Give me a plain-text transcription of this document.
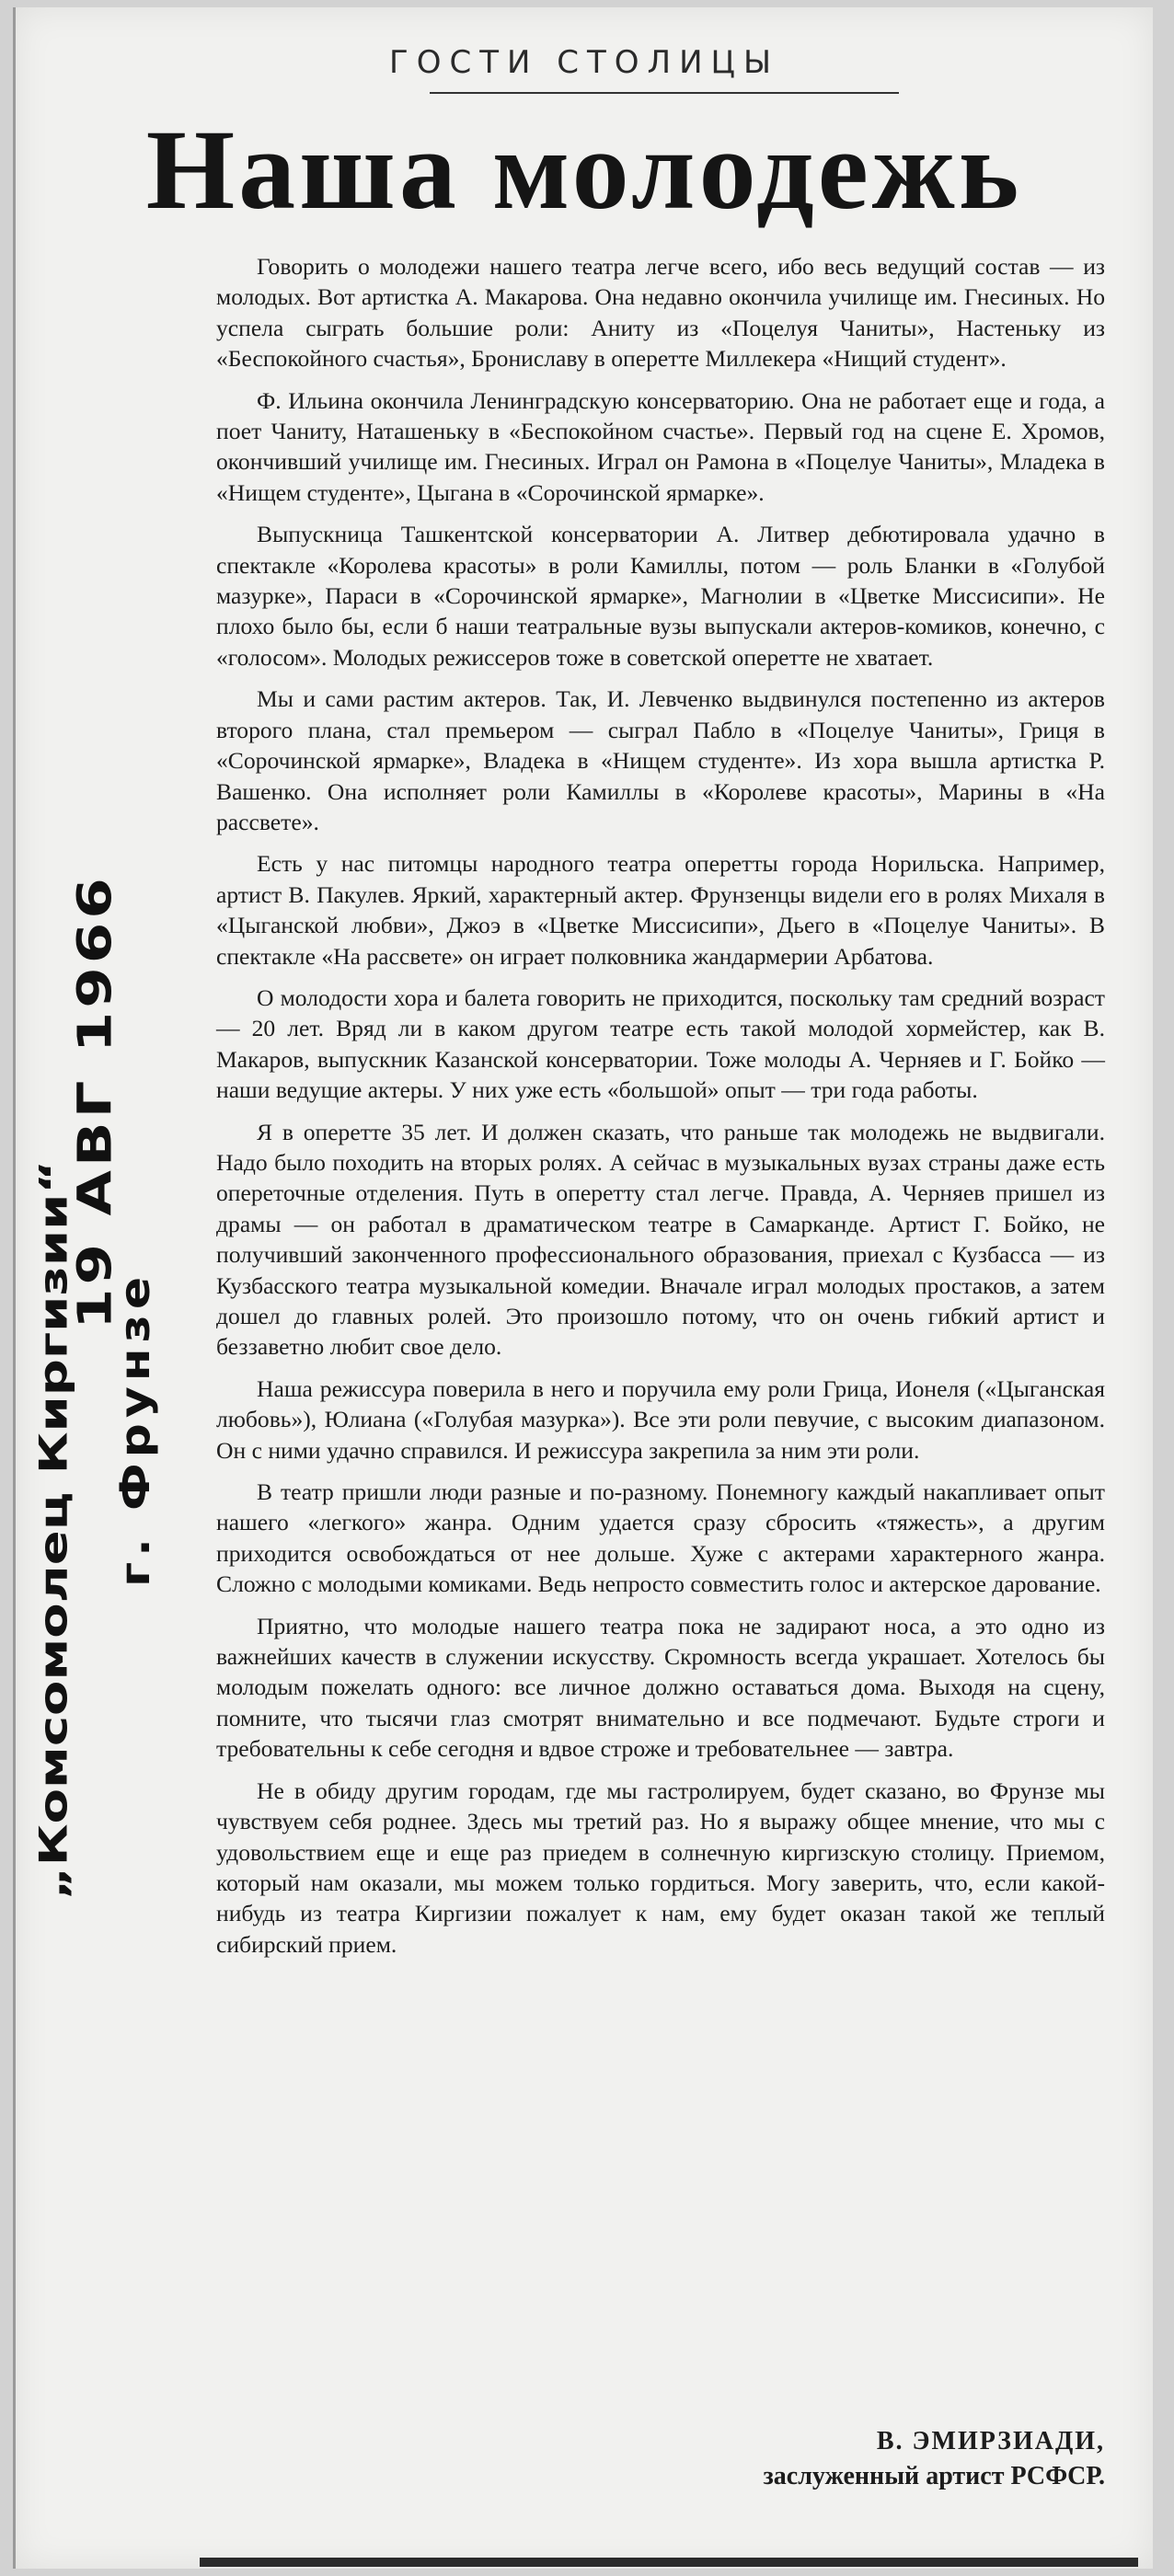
ГОСТИ СТОЛИЦЫ
Наша молодежь

Говорить о молодежи нашего театра легче всего, ибо весь ведущий состав — из молодых. Вот артистка А. Макарова. Она недавно окончила училище им. Гнесиных. Но успела сыграть большие роли: Аниту из «Поцелуя Чаниты», Настеньку из «Беспокойного счастья», Брониславу в оперетте Миллекера «Нищий студент».

Ф. Ильина окончила Ленинградскую консерваторию. Она не работает еще и года, а поет Чаниту, Наташеньку в «Беспокойном счастье». Первый год на сцене Е. Хромов, окончивший училище им. Гнесиных. Играл он Рамона в «Поцелуе Чаниты», Младека в «Нищем студенте», Цыгана в «Сорочинской ярмарке».

Выпускница Ташкентской консерватории А. Литвер дебютировала удачно в спектакле «Королева красоты» в роли Камиллы, потом — роль Бланки в «Голубой мазурке», Параси в «Сорочинской ярмарке», Магнолии в «Цветке Миссисипи». Не плохо было бы, если б наши театральные вузы выпускали актеров-комиков, конечно, с «голосом». Молодых режиссеров тоже в советской оперетте не хватает.

Мы и сами растим актеров. Так, И. Левченко выдвинулся постепенно из актеров второго плана, стал премьером — сыграл Пабло в «Поцелуе Чаниты», Гриця в «Сорочинской ярмарке», Владека в «Нищем студенте». Из хора вышла артистка Р. Вашенко. Она исполняет роли Камиллы в «Королеве красоты», Марины в «На рассвете».

Есть у нас питомцы народного театра оперетты города Норильска. Например, артист В. Пакулев. Яркий, характерный актер. Фрунзенцы видели его в ролях Михаля в «Цыганской любви», Джоэ в «Цветке Миссисипи», Дьего в «Поцелуе Чаниты». В спектакле «На рассвете» он играет полковника жандармерии Арбатова.

О молодости хора и балета говорить не приходится, поскольку там средний возраст — 20 лет. Вряд ли в каком другом театре есть такой молодой хормейстер, как В. Макаров, выпускник Казанской консерватории. Тоже молоды А. Черняев и Г. Бойко — наши ведущие актеры. У них уже есть «большой» опыт — три года работы.

Я в оперетте 35 лет. И должен сказать, что раньше так молодежь не выдвигали. Надо было походить на вторых ролях. А сейчас в музыкальных вузах страны даже есть опереточные отделения. Путь в оперетту стал легче. Правда, А. Черняев пришел из драмы — он работал в драматическом театре в Самарканде. Артист Г. Бойко, не получивший законченного профессионального образования, приехал с Кузбасса — из Кузбасского театра музыкальной комедии. Вначале играл молодых простаков, а затем дошел до главных ролей. Это произошло потому, что он очень гибкий артист и беззаветно любит свое дело.

Наша режиссура поверила в него и поручила ему роли Грица, Ионеля («Цыганская любовь»), Юлиана («Голубая мазурка»). Все эти роли певучие, с высоким диапазоном. Он с ними удачно справился. И режиссура закрепила за ним эти роли.

В театр пришли люди разные и по-разному. Понемногу каждый накапливает опыт нашего «легкого» жанра. Одним удается сразу сбросить «тяжесть», а другим приходится освобождаться от нее дольше. Хуже с актерами характерного жанра. Сложно с молодыми комиками. Ведь непросто совместить голос и актерское дарование.

Приятно, что молодые нашего театра пока не задирают носа, а это одно из важнейших качеств в служении искусству. Скромность всегда украшает. Хотелось бы молодым пожелать одного: все личное должно оставаться дома. Выходя на сцену, помните, что тысячи глаз смотрят внимательно и все подмечают. Будьте строги и требовательны к себе сегодня и вдвое строже и требовательнее — завтра.

Не в обиду другим городам, где мы гастролируем, будет сказано, во Фрунзе мы чувствуем себя роднее. Здесь мы третий раз. Но я выражу общее мнение, что мы с удовольствием еще и еще раз приедем в солнечную киргизскую столицу. Приемом, который нам оказали, мы можем только гордиться. Могу заверить, что, если какой-нибудь из театра Киргизии пожалует к нам, ему будет оказан такой же теплый сибирский прием.

В. ЭМИРЗИАДИ,
заслуженный артист РСФСР.
19 АВГ 1966
„Комсомолец Киргизии“ г. Фрунзе
